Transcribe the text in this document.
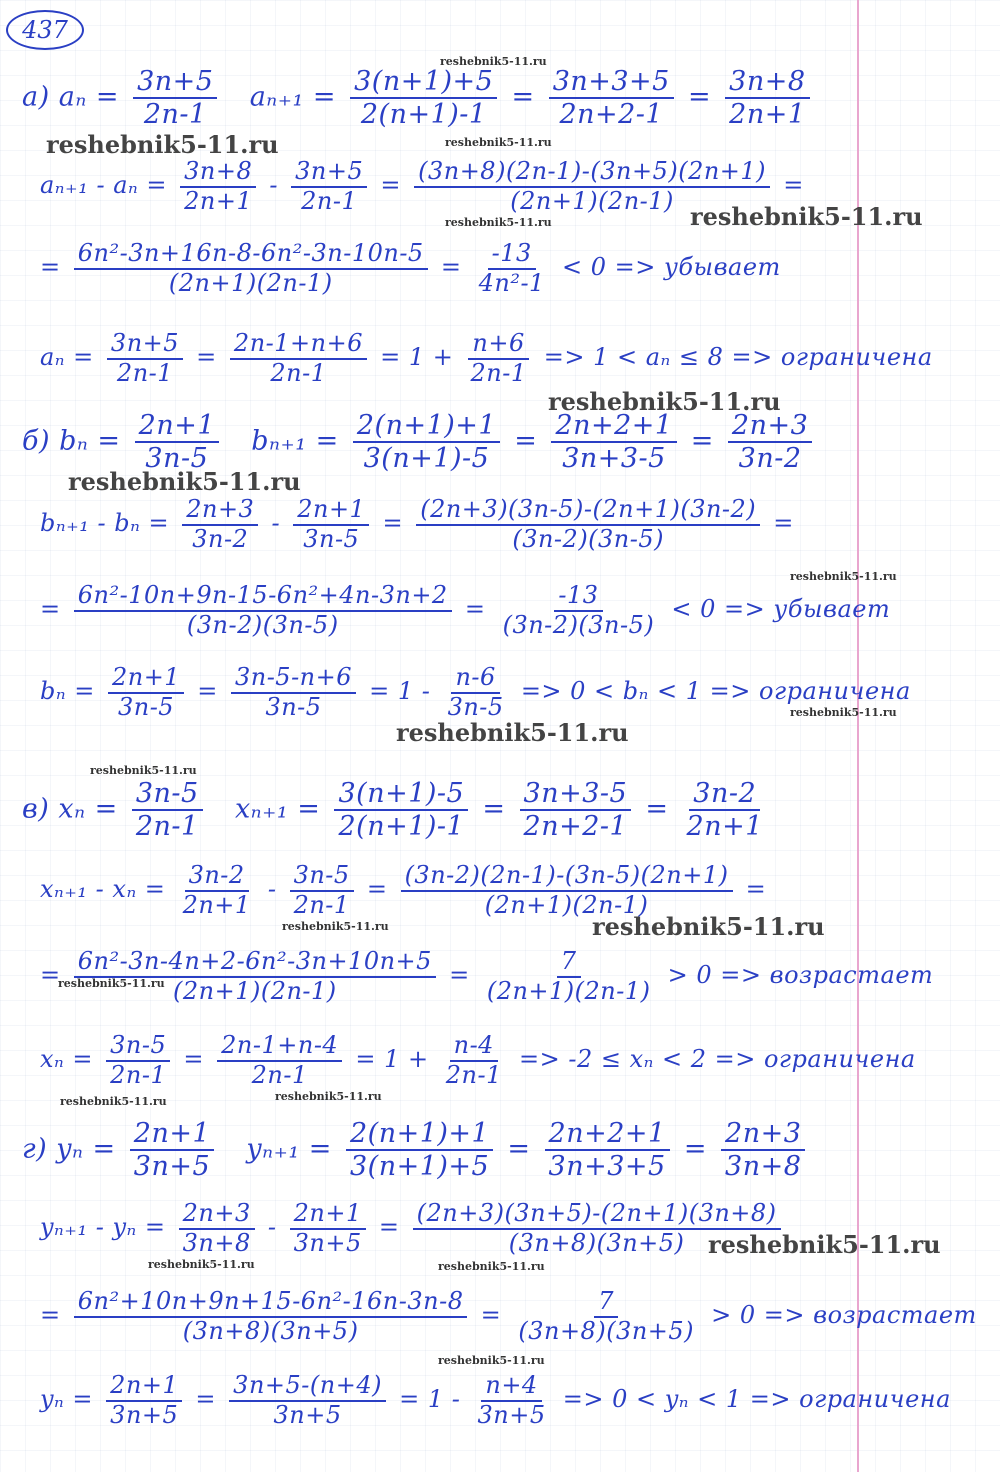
437
а) $a_n = \frac{3n+5}{2n-1} a_{n+1} = \frac{3(n+1)+5}{2(n+1)-1} = \frac{3n+3+5}{2n+2-1} = \frac{3n+8}{2n+1}$
$a_{n+1} - a_n = \frac{3n+8}{2n+1} - \frac{3n+5}{2n-1} = \frac{(3n+8)(2n-1)-(3n+5)(2n+1)}{(2n+1)(2n-1)}$ =
= $\frac{\text{6n²-3n+16n-8-6n²-3n-10n-5}}{(2n+1)(2n-1)} = \frac{-13}{\text{4n²-1}} < 0$ => убывает
$a_n = \frac{3n+5}{2n-1} = \frac{2n-1+n+6}{2n-1} = 1 + \frac{n+6}{2n-1} => 1 < a_n \le 8$ => ограничена
б) $b_n = \frac{2n+1}{3n-5} b_{n+1} = \frac{2(n+1)+1}{3(n+1)-5} = \frac{2n+2+1}{3n+3-5} = \frac{2n+3}{3n-2}$
$b_{n+1} - b_n = \frac{2n+3}{3n-2} - \frac{2n+1}{3n-5} = \frac{(2n+3)(3n-5)-(2n+1)(3n-2)}{(3n-2)(3n-5)}$ =
= $\frac{\text{6n²-10n+9n-15-6n²+4n-3n+2}}{(3n-2)(3n-5)} = \frac{-13}{(3n-2)(3n-5)} < 0$ => убывает
$b_n = \frac{2n+1}{3n-5} = \frac{3n-5-n+6}{3n-5} = 1 - \frac{n-6}{3n-5} => 0 < b_n < 1$ => ограничена
в) $x_n = \frac{3n-5}{2n-1} x_{n+1} = \frac{3(n+1)-5}{2(n+1)-1} = \frac{3n+3-5}{2n+2-1} = \frac{3n-2}{2n+1}$
$x_{n+1} - x_n = \frac{3n-2}{2n+1} - \frac{3n-5}{2n-1} = \frac{(3n-2)(2n-1)-(3n-5)(2n+1)}{(2n+1)(2n-1)}$ =
= $\frac{\text{6n²-3n-4n+2-6n²-3n+10n+5}}{(2n+1)(2n-1)} = \frac{7}{(2n+1)(2n-1)} > 0$ => возрастает
$x_n = \frac{3n-5}{2n-1} = \frac{2n-1+n-4}{2n-1} = 1 + \frac{n-4}{2n-1} => -2 \le x_n < 2$ => ограничена
г) $y_n = \frac{2n+1}{3n+5} y_{n+1} = \frac{2(n+1)+1}{3(n+1)+5} = \frac{2n+2+1}{3n+3+5} = \frac{2n+3}{3n+8}$
$y_{n+1} - y_n = \frac{2n+3}{3n+8} - \frac{2n+1}{3n+5} = \frac{(2n+3)(3n+5)-(2n+1)(3n+8)}{(3n+8)(3n+5)}$
= $\frac{\text{6n²+10n+9n+15-6n²-16n-3n-8}}{(3n+8)(3n+5)} = \frac{7}{(3n+8)(3n+5)} > 0$ => возрастает
$y_n = \frac{2n+1}{3n+5} = \frac{3n+5-(n+4)}{3n+5} = 1 - \frac{n+4}{3n+5} => 0 < y_n < 1$ => ограничена
reshebnik5-11.ru
reshebnik5-11.ru	reshebnik5-11.ru
reshebnik5-11.ru	reshebnik5-11.ru
reshebnik5-11.ru
reshebnik5-11.ru
reshebnik5-11.ru
reshebnik5-11.ru
reshebnik5-11.ru
reshebnik5-11.ru
reshebnik5-11.ru	reshebnik5-11.ru
reshebnik5-11.ru
reshebnik5-11.ru	reshebnik5-11.ru
reshebnik5-11.ru
reshebnik5-11.ru	reshebnik5-11.ru
reshebnik5-11.ru
